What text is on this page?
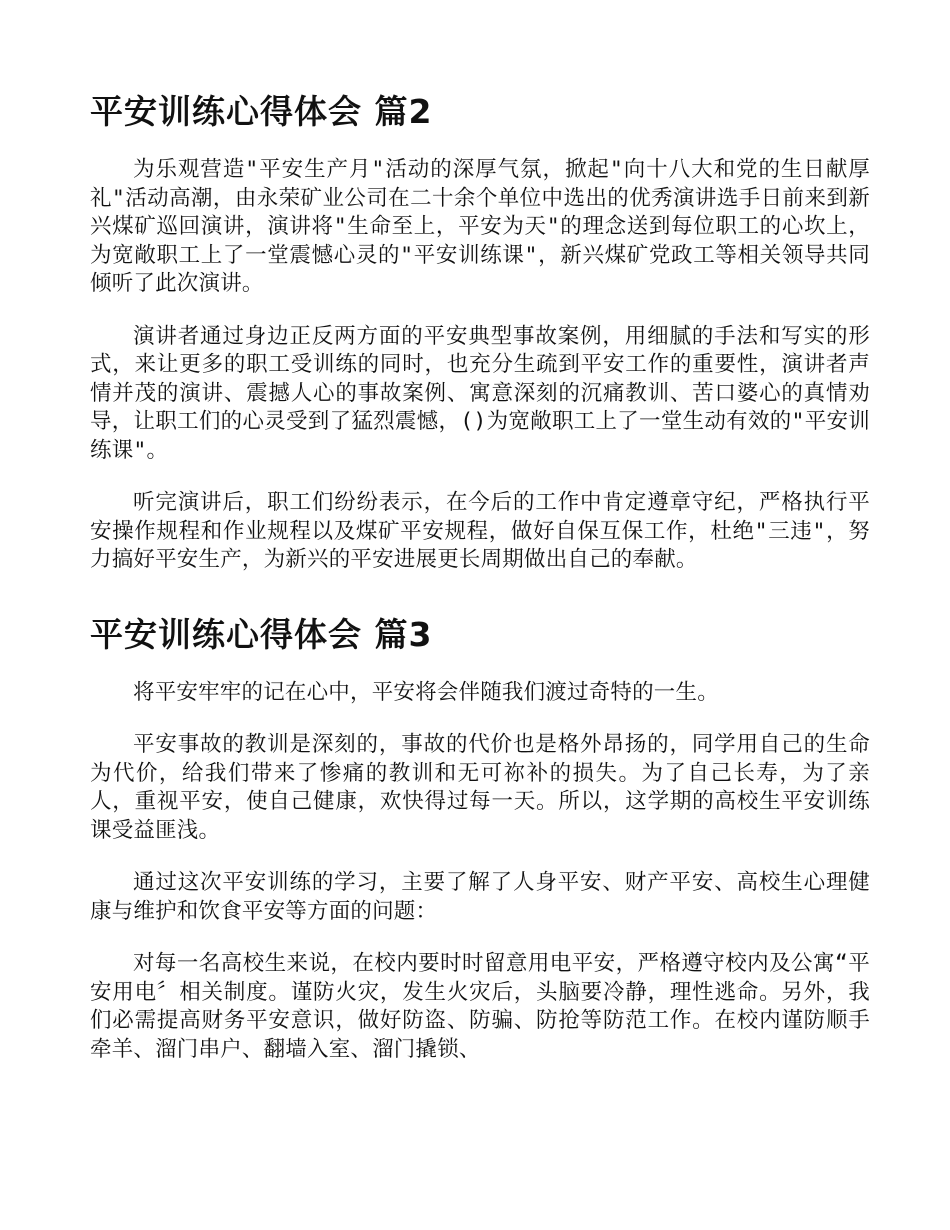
平安训练心得体会 篇2

为乐观营造"平安生产月"活动的深厚气氛，掀起"向十八大和党的生日献厚礼"活动高潮，由永荣矿业公司在二十余个单位中选出的优秀演讲选手日前来到新兴煤矿巡回演讲，演讲将"生命至上，平安为天"的理念送到每位职工的心坎上，为宽敞职工上了一堂震憾心灵的"平安训练课"，新兴煤矿党政工等相关领导共同倾听了此次演讲。

演讲者通过身边正反两方面的平安典型事故案例，用细腻的手法和写实的形式，来让更多的职工受训练的同时，也充分生疏到平安工作的重要性，演讲者声情并茂的演讲、震撼人心的事故案例、寓意深刻的沉痛教训、苦口婆心的真情劝导，让职工们的心灵受到了猛烈震憾，()为宽敞职工上了一堂生动有效的"平安训练课"。

听完演讲后，职工们纷纷表示，在今后的工作中肯定遵章守纪，严格执行平安操作规程和作业规程以及煤矿平安规程，做好自保互保工作，杜绝"三违"，努力搞好平安生产，为新兴的平安进展更长周期做出自己的奉献。

平安训练心得体会 篇3

将平安牢牢的记在心中，平安将会伴随我们渡过奇特的一生。

平安事故的教训是深刻的，事故的代价也是格外昂扬的，同学用自己的生命为代价，给我们带来了惨痛的教训和无可祢补的损失。为了自己长寿，为了亲人，重视平安，使自己健康，欢快得过每一天。所以，这学期的高校生平安训练课受益匪浅。

通过这次平安训练的学习，主要了解了人身平安、财产平安、高校生心理健康与维护和饮食平安等方面的问题：

对每一名高校生来说，在校内要时时留意用电平安，严格遵守校内及公寓“平安用电〞相关制度。谨防火灾，发生火灾后，头脑要冷静，理性逃命。另外，我们必需提高财务平安意识，做好防盗、防骗、防抢等防范工作。在校内谨防顺手牵羊、溜门串户、翻墙入室、溜门撬锁、
